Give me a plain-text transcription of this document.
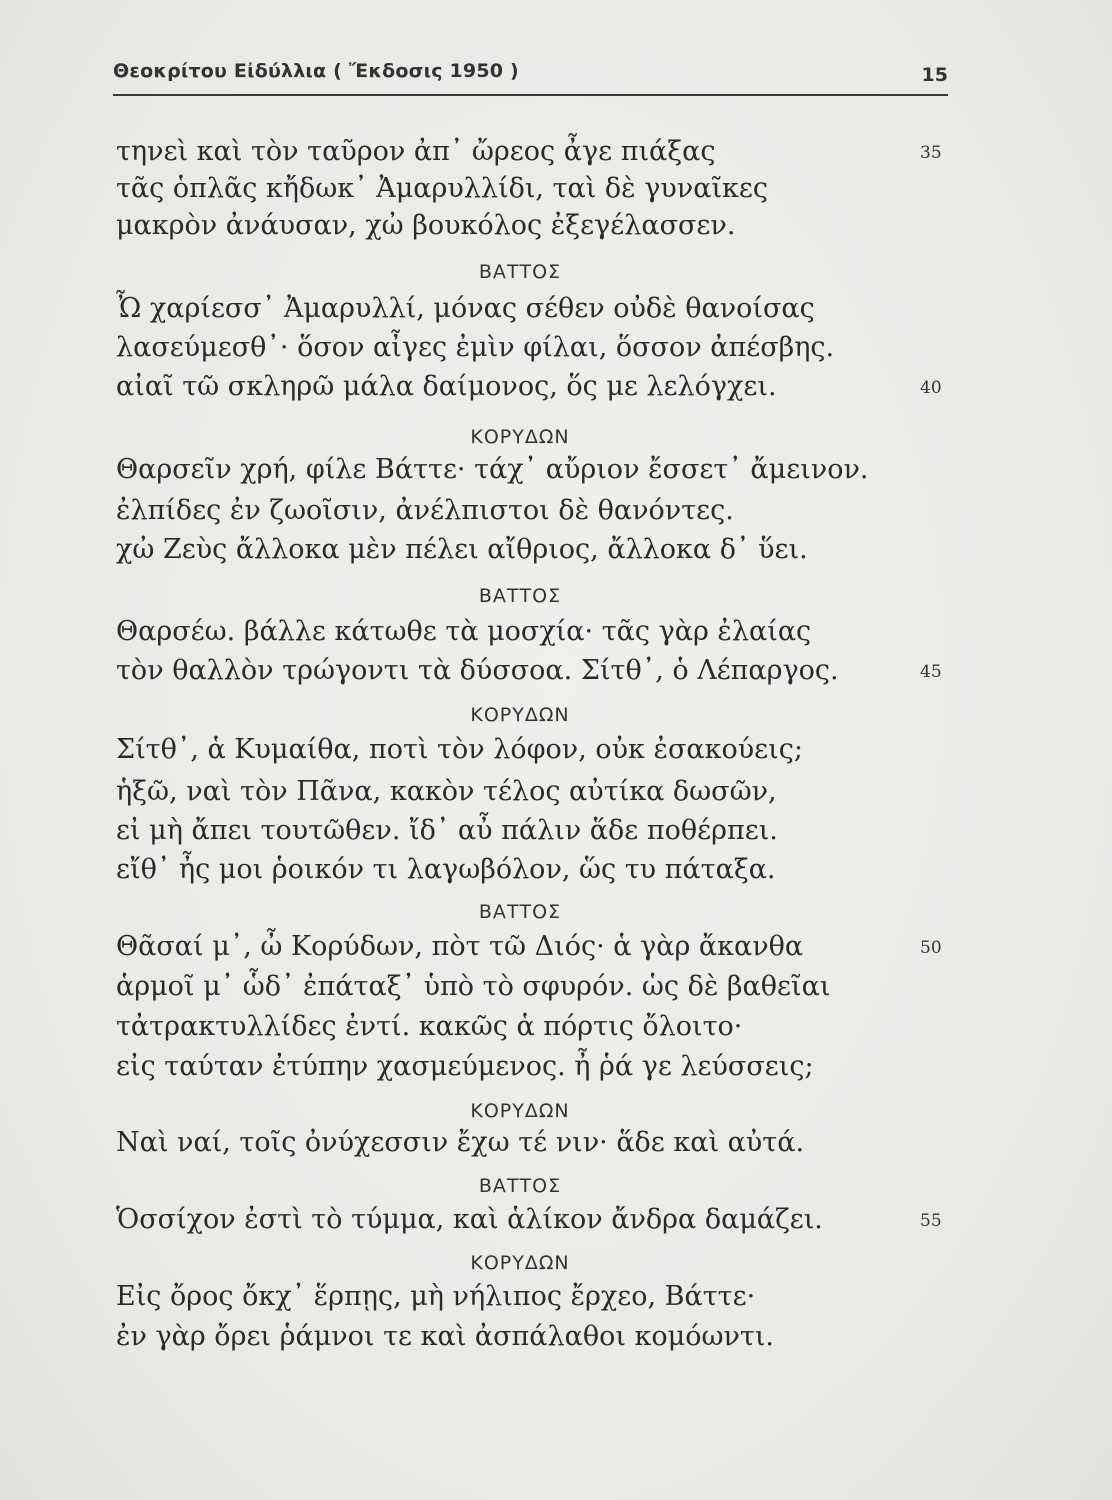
Θεοκρίτου Εἰδύλλια ( Ἔκδοσις 1950 )	15
τηνεὶ καὶ τὸν ταῦρον ἀπ᾽ ὤρεος ἆγε πιάξας	35
τᾶς ὁπλᾶς κἤδωκ᾽ Ἀμαρυλλίδι, ταὶ δὲ γυναῖκες
μακρὸν ἀνάυσαν, χὠ βουκόλος ἐξεγέλασσεν.
ΒΑΤΤΟΣ
Ὦ χαρίεσσ᾽ Ἀμαρυλλί, μόνας σέθεν οὐδὲ θανοίσας
λασεύμεσθ᾽· ὅσον αἶγες ἐμὶν φίλαι, ὅσσον ἀπέσβης.
αἰαῖ τῶ σκληρῶ μάλα δαίμονος, ὅς με λελόγχει.	40
ΚΟΡΥΔΩΝ
Θαρσεῖν χρή, φίλε Βάττε· τάχ᾽ αὔριον ἔσσετ᾽ ἄμεινον.
ἐλπίδες ἐν ζωοῖσιν, ἀνέλπιστοι δὲ θανόντες.
χὠ Ζεὺς ἄλλοκα μὲν πέλει αἴθριος, ἄλλοκα δ᾽ ὕει.
ΒΑΤΤΟΣ
Θαρσέω. βάλλε κάτωθε τὰ μοσχία· τᾶς γὰρ ἐλαίας
τὸν θαλλὸν τρώγοντι τὰ δύσσοα. Σίτθ᾽, ὁ Λέπαργος.	45
ΚΟΡΥΔΩΝ
Σίτθ᾽, ἁ Κυμαίθα, ποτὶ τὸν λόφον, οὐκ ἐσακούεις;
ἡξῶ, ναὶ τὸν Πᾶνα, κακὸν τέλος αὐτίκα δωσῶν,
εἰ μὴ ἄπει τουτῶθεν. ἴδ᾽ αὖ πάλιν ἅδε ποθέρπει.
εἴθ᾽ ἦς μοι ῥοικόν τι λαγωβόλον, ὥς τυ πάταξα.
ΒΑΤΤΟΣ
Θᾶσαί μ᾽, ὦ Κορύδων, πὸτ τῶ Διός· ἁ γὰρ ἄκανθα	50
ἁρμοῖ μ᾽ ὧδ᾽ ἐπάταξ᾽ ὑπὸ τὸ σφυρόν. ὡς δὲ βαθεῖαι
τἀτρακτυλλίδες ἐντί. κακῶς ἁ πόρτις ὄλοιτο·
εἰς ταύταν ἐτύπην χασμεύμενος. ἦ ῥά γε λεύσσεις;
ΚΟΡΥΔΩΝ
Ναὶ ναί, τοῖς ὀνύχεσσιν ἔχω τέ νιν· ἅδε καὶ αὐτά.
ΒΑΤΤΟΣ
Ὁσσίχον ἐστὶ τὸ τύμμα, καὶ ἁλίκον ἄνδρα δαμάζει.	55
ΚΟΡΥΔΩΝ
Εἰς ὄρος ὄκχ᾽ ἕρπῃς, μὴ νήλιπος ἔρχεο, Βάττε·
ἐν γὰρ ὄρει ῥάμνοι τε καὶ ἀσπάλαθοι κομόωντι.
